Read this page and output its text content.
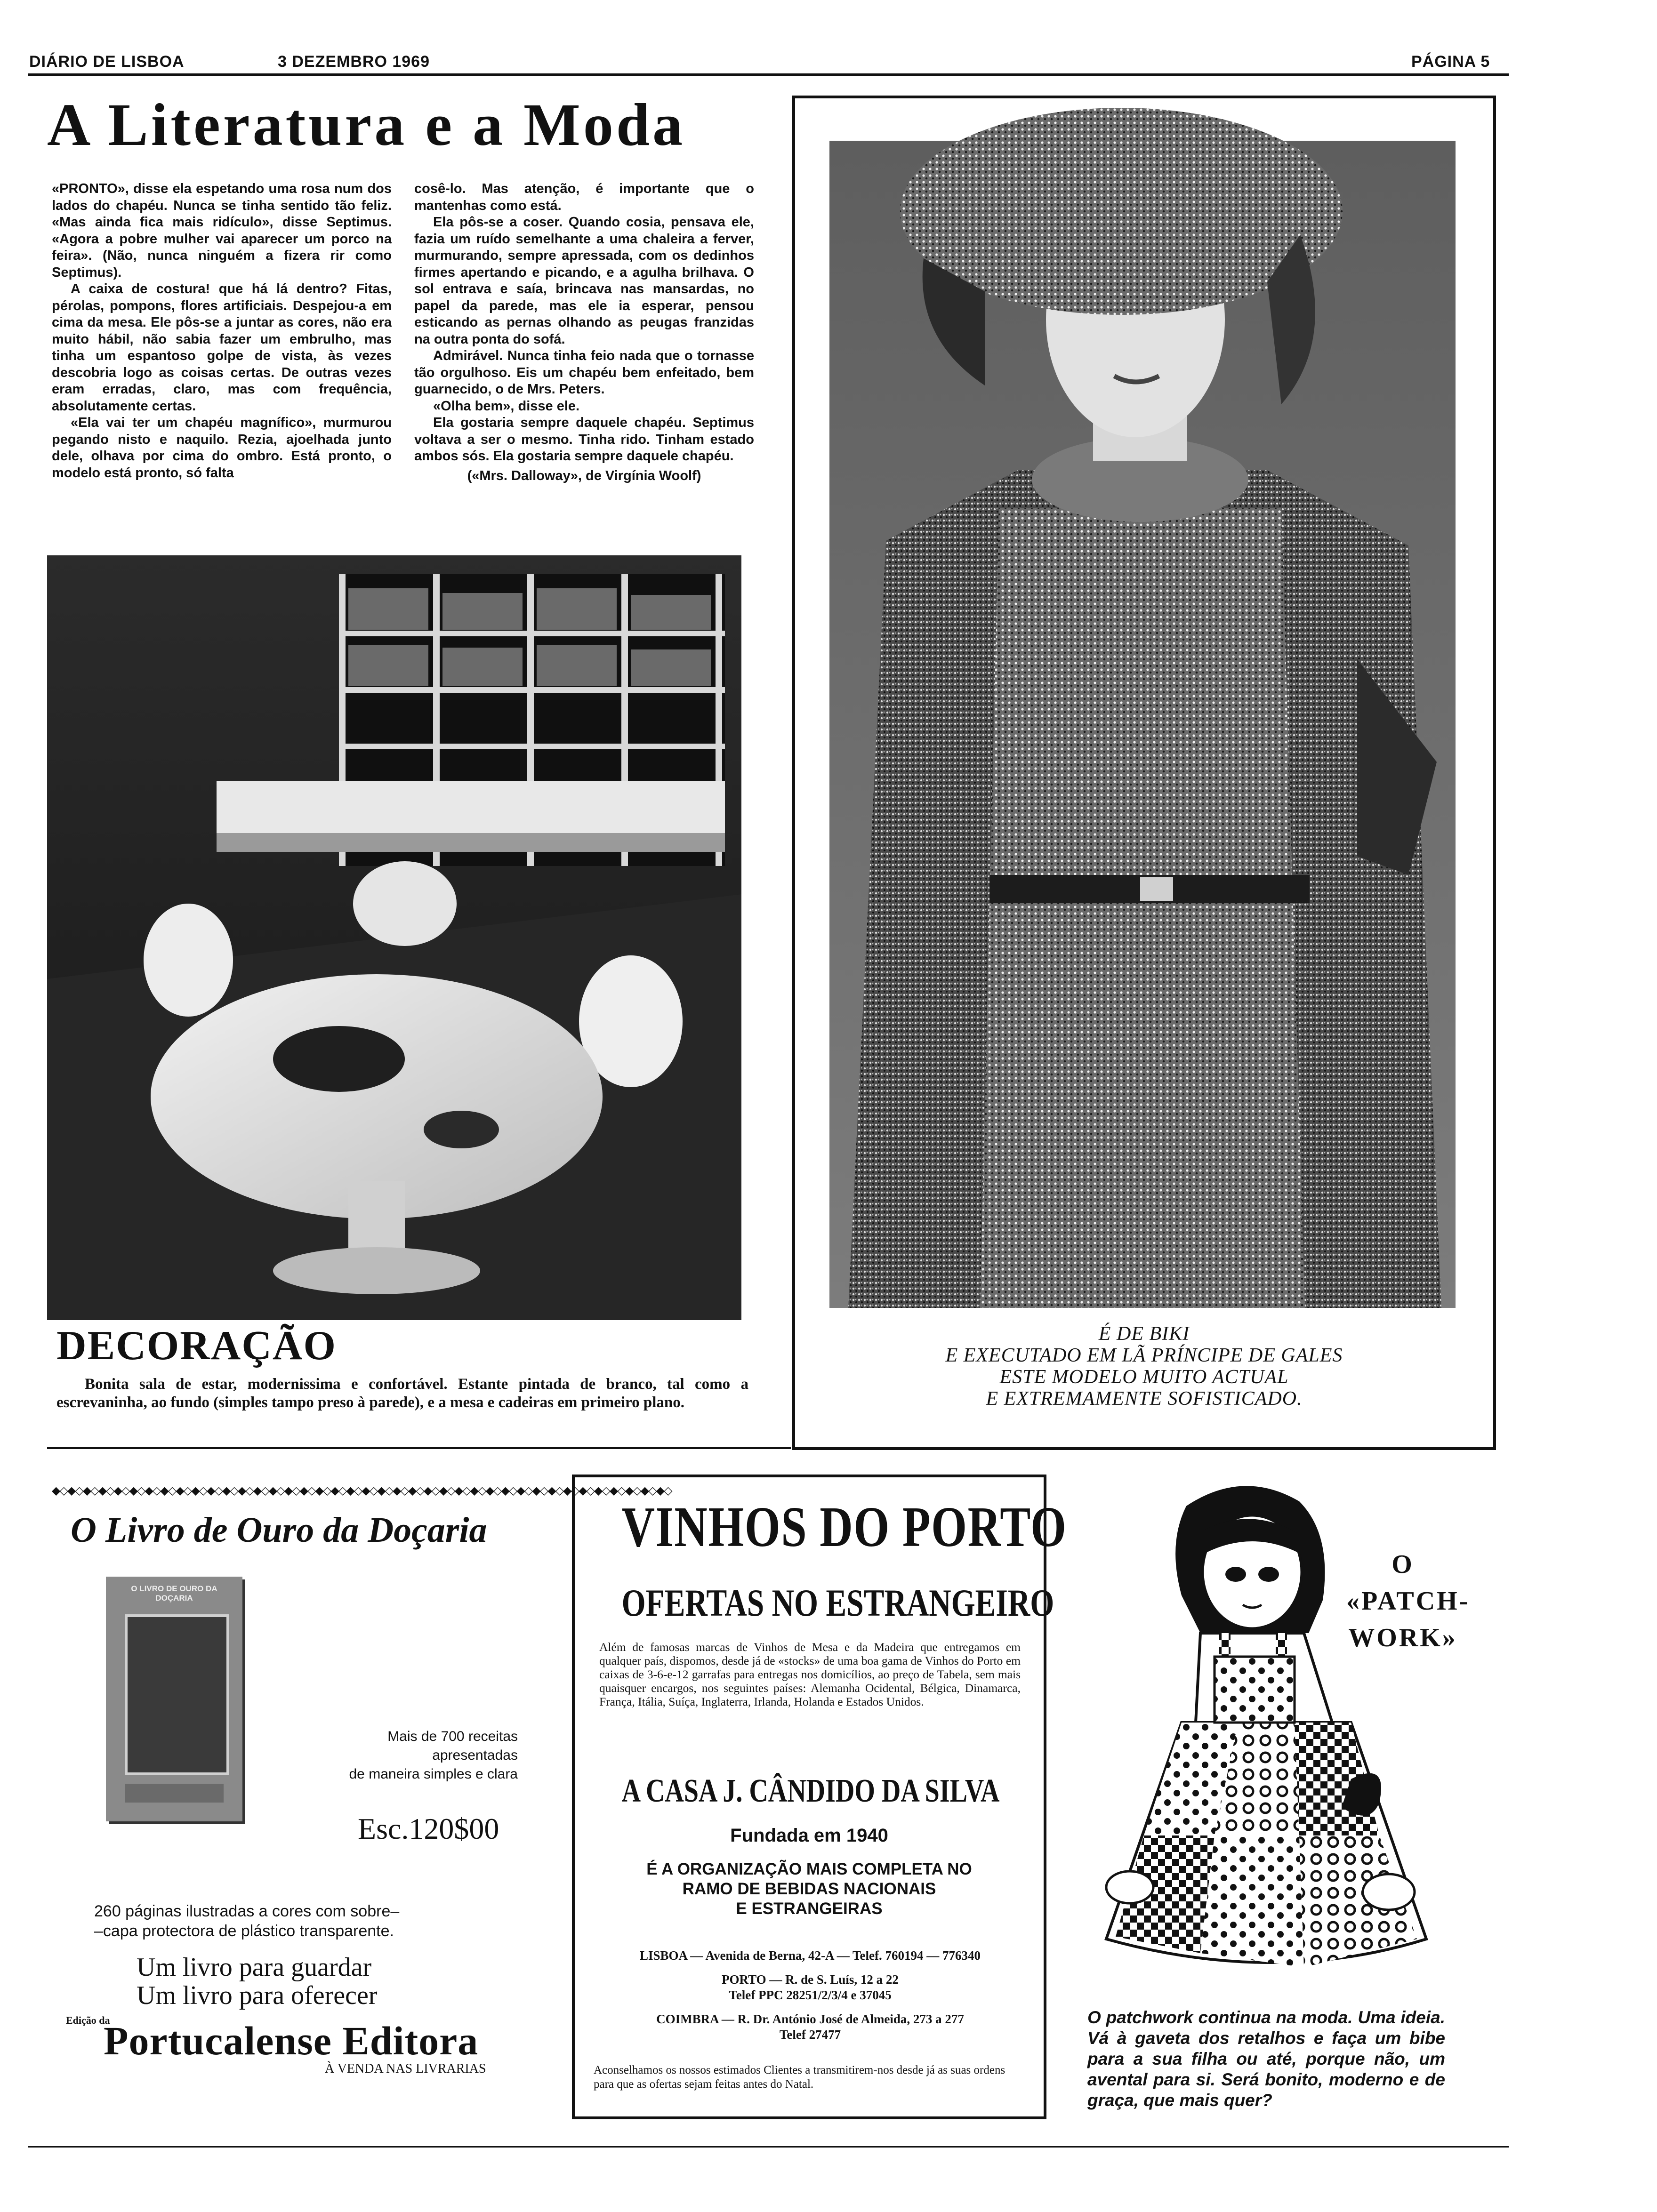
DIÁRIO DE LISBOA	3 DEZEMBRO 1969	PÁGINA 5
A Literatura e a Moda

«PRONTO», disse ela espetando uma rosa num dos lados do chapéu. Nunca se tinha sentido tão feliz. «Mas ainda fica mais ridículo», disse Septimus. «Agora a pobre mulher vai aparecer um porco na feira». (Não, nunca ninguém a fizera rir como Septimus).

A caixa de costura! que há lá dentro? Fitas, pérolas, pompons, flores artificiais. Despejou-a em cima da mesa. Ele pôs-se a juntar as cores, não era muito hábil, não sabia fazer um embrulho, mas tinha um espantoso golpe de vista, às vezes descobria logo as coisas certas. De outras vezes eram erradas, claro, mas com frequência, absolutamente certas.

«Ela vai ter um chapéu magnífico», murmurou pegando nisto e naquilo. Rezia, ajoelhada junto dele, olhava por cima do ombro. Está pronto, o modelo está pronto, só falta

cosê-lo. Mas atenção, é importante que o mantenhas como está.

Ela pôs-se a coser. Quando cosia, pensava ele, fazia um ruído semelhante a uma chaleira a ferver, murmurando, sempre apressada, com os dedinhos firmes apertando e picando, e a agulha brilhava. O sol entrava e saía, brincava nas mansardas, no papel da parede, mas ele ia esperar, pensou esticando as pernas olhando as peugas franzidas na outra ponta do sofá.

Admirável. Nunca tinha feio nada que o tornasse tão orgulhoso. Eis um chapéu bem enfeitado, bem guarnecido, o de Mrs. Peters.

«Olha bem», disse ele.

Ela gostaria sempre daquele chapéu. Septimus voltava a ser o mesmo. Tinha rido. Tinham estado ambos sós. Ela gostaria sempre daquele chapéu.

(«Mrs. Dalloway», de Virgínia Woolf)

DECORAÇÃO
Bonita sala de estar, modernissima e confortável. Estante pintada de branco, tal como a escrevaninha, ao fundo (simples tampo preso à parede), e a mesa e cadeiras em primeiro plano.
É DE BIKI
E EXECUTADO EM LÃ PRÍNCIPE DE GALES
ESTE MODELO MUITO ACTUAL
E EXTREMAMENTE SOFISTICADO.
◆◇◆◇◆◇◆◇◆◇◆◇◆◇◆◇◆◇◆◇◆◇◆◇◆◇◆◇◆◇◆◇◆◇◆◇◆◇◆◇◆◇◆◇◆◇◆◇◆◇◆◇◆◇◆◇◆◇◆◇◆◇◆◇◆◇◆◇◆◇◆◇◆◇◆◇◆◇◆◇
O Livro de Ouro da Doçaria
O LIVRO DE OURO DA DOÇARIA
Mais de 700 receitas
apresentadas
de maneira simples e clara
Esc.120$00
260 páginas ilustradas a cores com sobre–
–capa protectora de plástico transparente.
Um livro para guardar
Um livro para oferecer
Edição da
Portucalense Editora
À VENDA NAS LIVRARIAS
VINHOS DO PORTO
OFERTAS NO ESTRANGEIRO
Além de famosas marcas de Vinhos de Mesa e da Madeira que entregamos em qualquer país, dispomos, desde já de «stocks» de uma boa gama de Vinhos do Porto em caixas de 3-6-e-12 garrafas para entregas nos domicílios, ao preço de Tabela, sem mais quaisquer encargos, nos seguintes países: Alemanha Ocidental, Bélgica, Dinamarca, França, Itália, Suíça, Inglaterra, Irlanda, Holanda e Estados Unidos.
A CASA J. CÂNDIDO DA SILVA
Fundada em 1940
É A ORGANIZAÇÃO MAIS COMPLETA NO
RAMO DE BEBIDAS NACIONAIS
E ESTRANGEIRAS
LISBOA — Avenida de Berna, 42-A — Telef. 760194 — 776340
PORTO — R. de S. Luís, 12 a 22
Telef PPC 28251/2/3/4 e 37045
COIMBRA — R. Dr. António José de Almeida, 273 a 277
Telef 27477
Aconselhamos os nossos estimados Clientes a transmitirem-nos desde já as suas ordens para que as ofertas sejam feitas antes do Natal.
O
«PATCH-
WORK»
O patchwork continua na moda. Uma ideia. Vá à gaveta dos retalhos e faça um bibe para a sua filha ou até, porque não, um avental para si. Será bonito, moderno e de graça, que mais quer?
